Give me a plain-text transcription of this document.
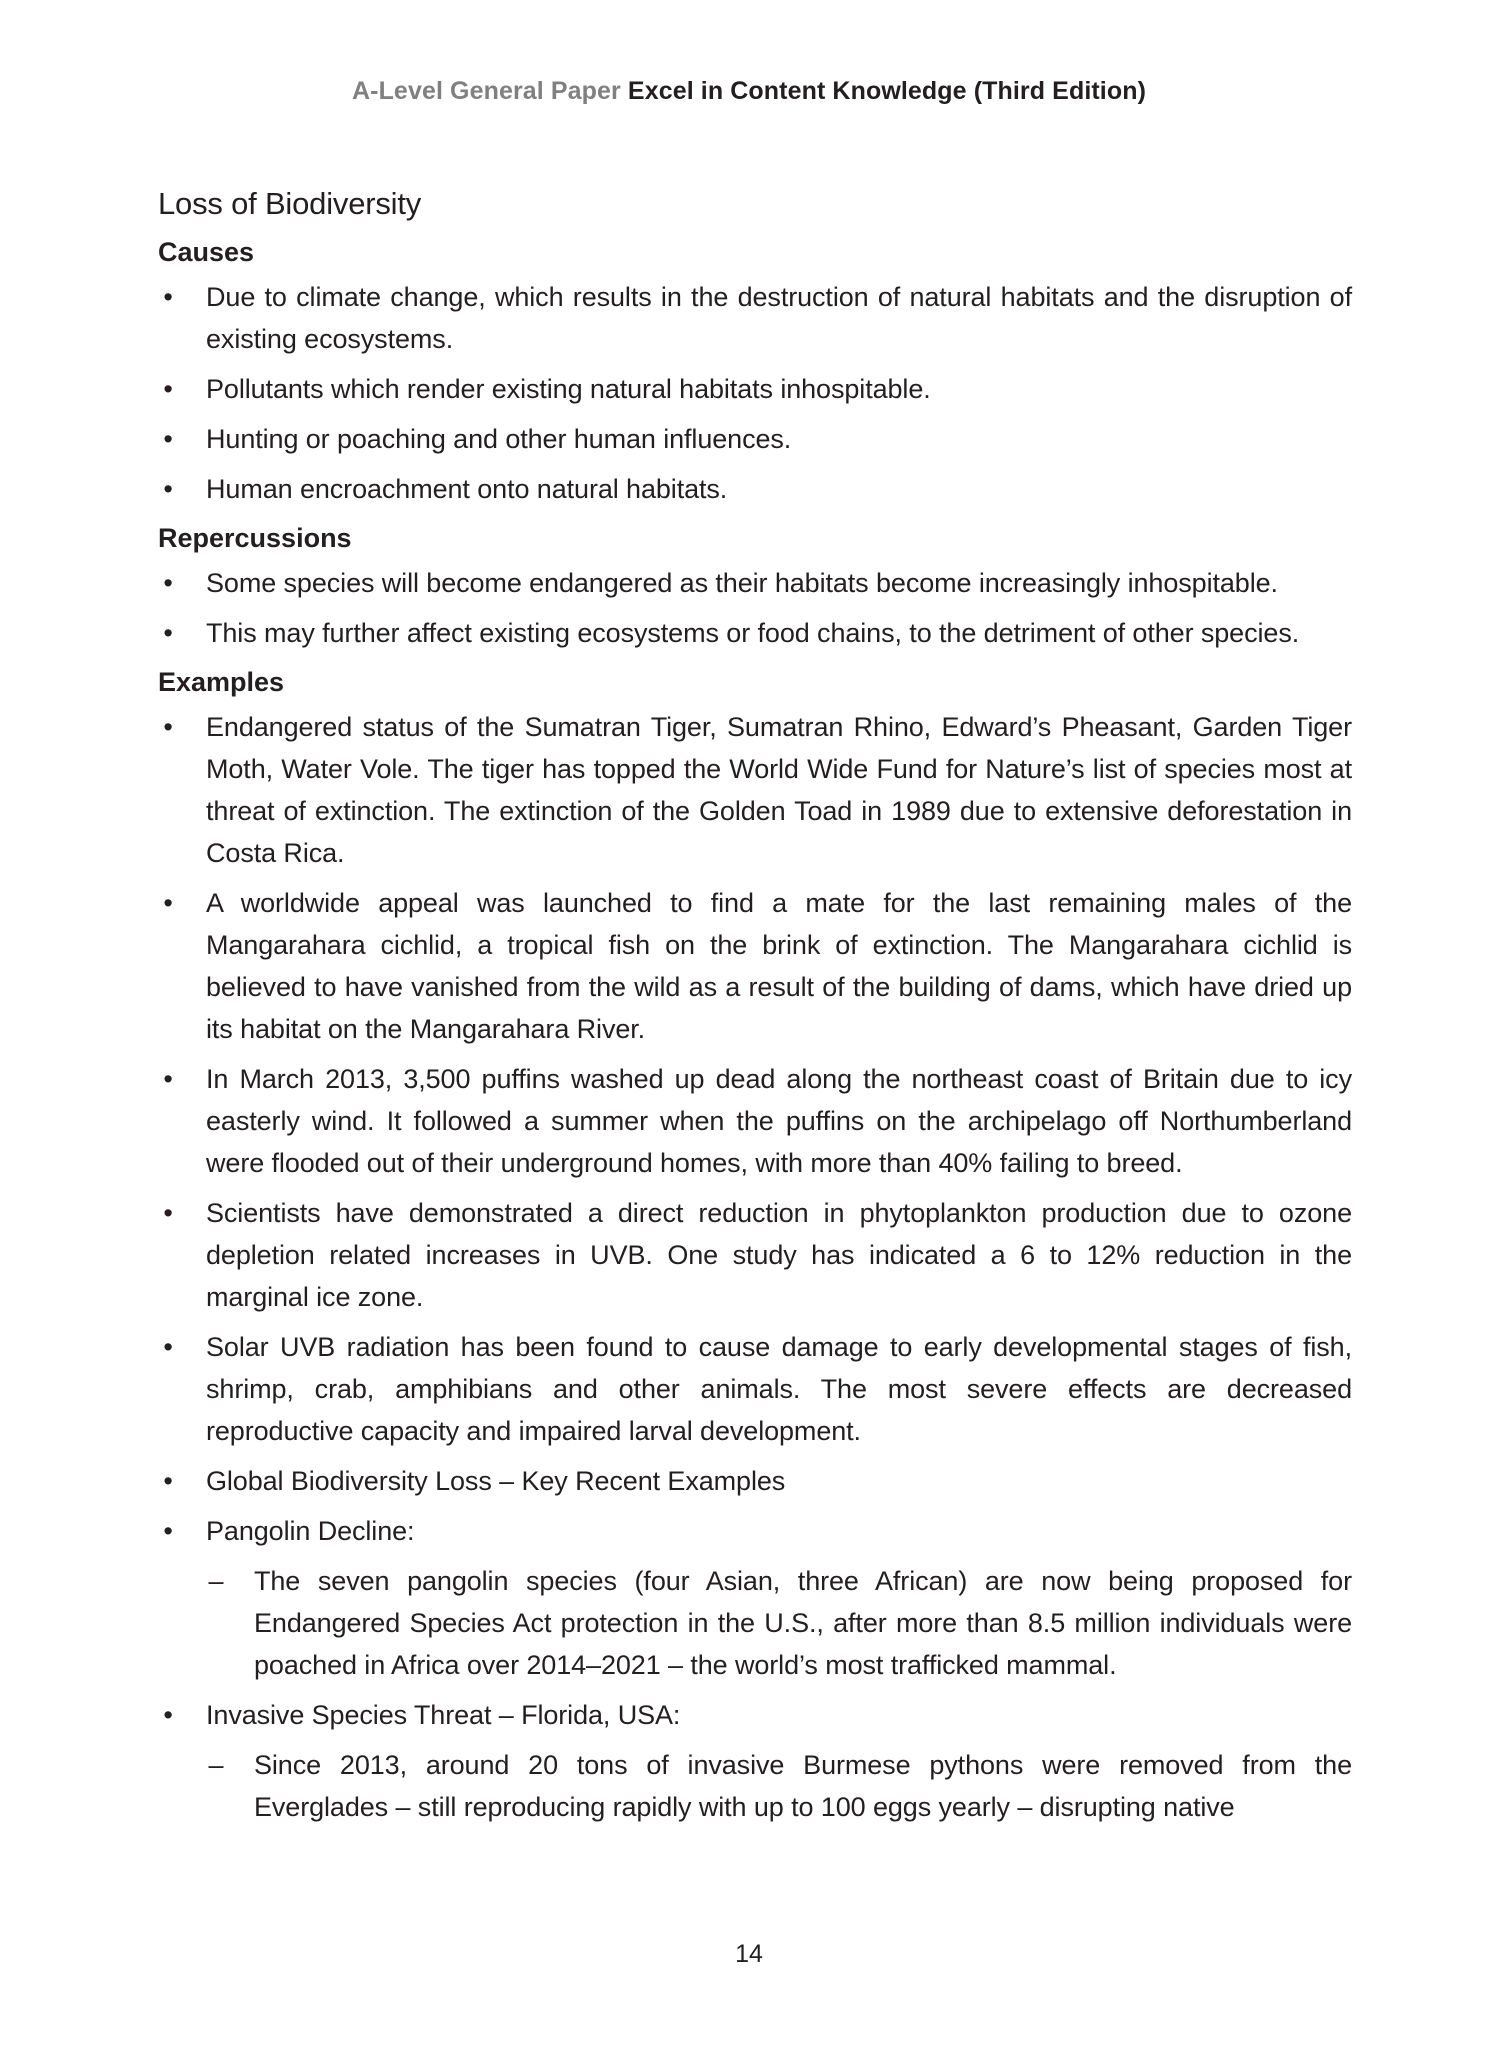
A-Level General Paper Excel in Content Knowledge (Third Edition)
Loss of Biodiversity
Causes
• Due to climate change, which results in the destruction of natural habitats and the disruption of existing ecosystems.
• Pollutants which render existing natural habitats inhospitable.
• Hunting or poaching and other human influences.
• Human encroachment onto natural habitats.
Repercussions
• Some species will become endangered as their habitats become increasingly inhospitable.
• This may further affect existing ecosystems or food chains, to the detriment of other species.
Examples
• Endangered status of the Sumatran Tiger, Sumatran Rhino, Edward’s Pheasant, Garden Tiger Moth, Water Vole. The tiger has topped the World Wide Fund for Nature’s list of species most at threat of extinction. The extinction of the Golden Toad in 1989 due to extensive deforestation in Costa Rica.
• A worldwide appeal was launched to find a mate for the last remaining males of the Mangarahara cichlid, a tropical fish on the brink of extinction. The Mangarahara cichlid is believed to have vanished from the wild as a result of the building of dams, which have dried up its habitat on the Mangarahara River.
• In March 2013, 3,500 puffins washed up dead along the northeast coast of Britain due to icy easterly wind. It followed a summer when the puffins on the archipelago off Northumberland were flooded out of their underground homes, with more than 40% failing to breed.
• Scientists have demonstrated a direct reduction in phytoplankton production due to ozone depletion related increases in UVB. One study has indicated a 6 to 12% reduction in the marginal ice zone.
• Solar UVB radiation has been found to cause damage to early developmental stages of fish, shrimp, crab, amphibians and other animals. The most severe effects are decreased reproductive capacity and impaired larval development.
• Global Biodiversity Loss – Key Recent Examples
• Pangolin Decline:
– The seven pangolin species (four Asian, three African) are now being proposed for Endangered Species Act protection in the U.S., after more than 8.5 million individuals were poached in Africa over 2014–2021 – the world’s most trafficked mammal.
• Invasive Species Threat – Florida, USA:
– Since 2013, around 20 tons of invasive Burmese pythons were removed from the Everglades – still reproducing rapidly with up to 100 eggs yearly – disrupting native
14
